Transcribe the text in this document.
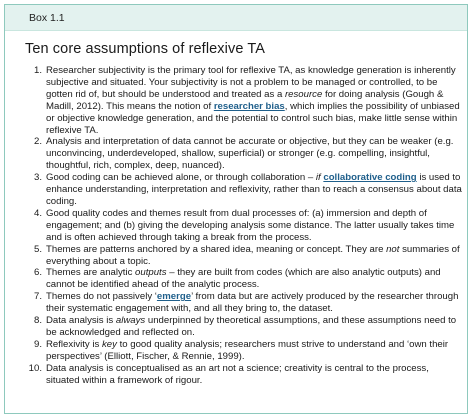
Box 1.1
Ten core assumptions of reflexive TA
1. Researcher subjectivity is the primary tool for reflexive TA, as knowledge generation is inherently subjective and situated. Your subjectivity is not a problem to be managed or controlled, to be gotten rid of, but should be understood and treated as a resource for doing analysis (Gough & Madill, 2012). This means the notion of researcher bias, which implies the possibility of unbiased or objective knowledge generation, and the potential to control such bias, make little sense within reflexive TA.
2. Analysis and interpretation of data cannot be accurate or objective, but they can be weaker (e.g. unconvincing, underdeveloped, shallow, superficial) or stronger (e.g. compelling, insightful, thoughtful, rich, complex, deep, nuanced).
3. Good coding can be achieved alone, or through collaboration – if collaborative coding is used to enhance understanding, interpretation and reflexivity, rather than to reach a consensus about data coding.
4. Good quality codes and themes result from dual processes of: (a) immersion and depth of engagement; and (b) giving the developing analysis some distance. The latter usually takes time and is often achieved through taking a break from the process.
5. Themes are patterns anchored by a shared idea, meaning or concept. They are not summaries of everything about a topic.
6. Themes are analytic outputs – they are built from codes (which are also analytic outputs) and cannot be identified ahead of the analytic process.
7. Themes do not passively ‘emerge’ from data but are actively produced by the researcher through their systematic engagement with, and all they bring to, the dataset.
8. Data analysis is always underpinned by theoretical assumptions, and these assumptions need to be acknowledged and reflected on.
9. Reflexivity is key to good quality analysis; researchers must strive to understand and ‘own their perspectives’ (Elliott, Fischer, & Rennie, 1999).
10. Data analysis is conceptualised as an art not a science; creativity is central to the process, situated within a framework of rigour.
